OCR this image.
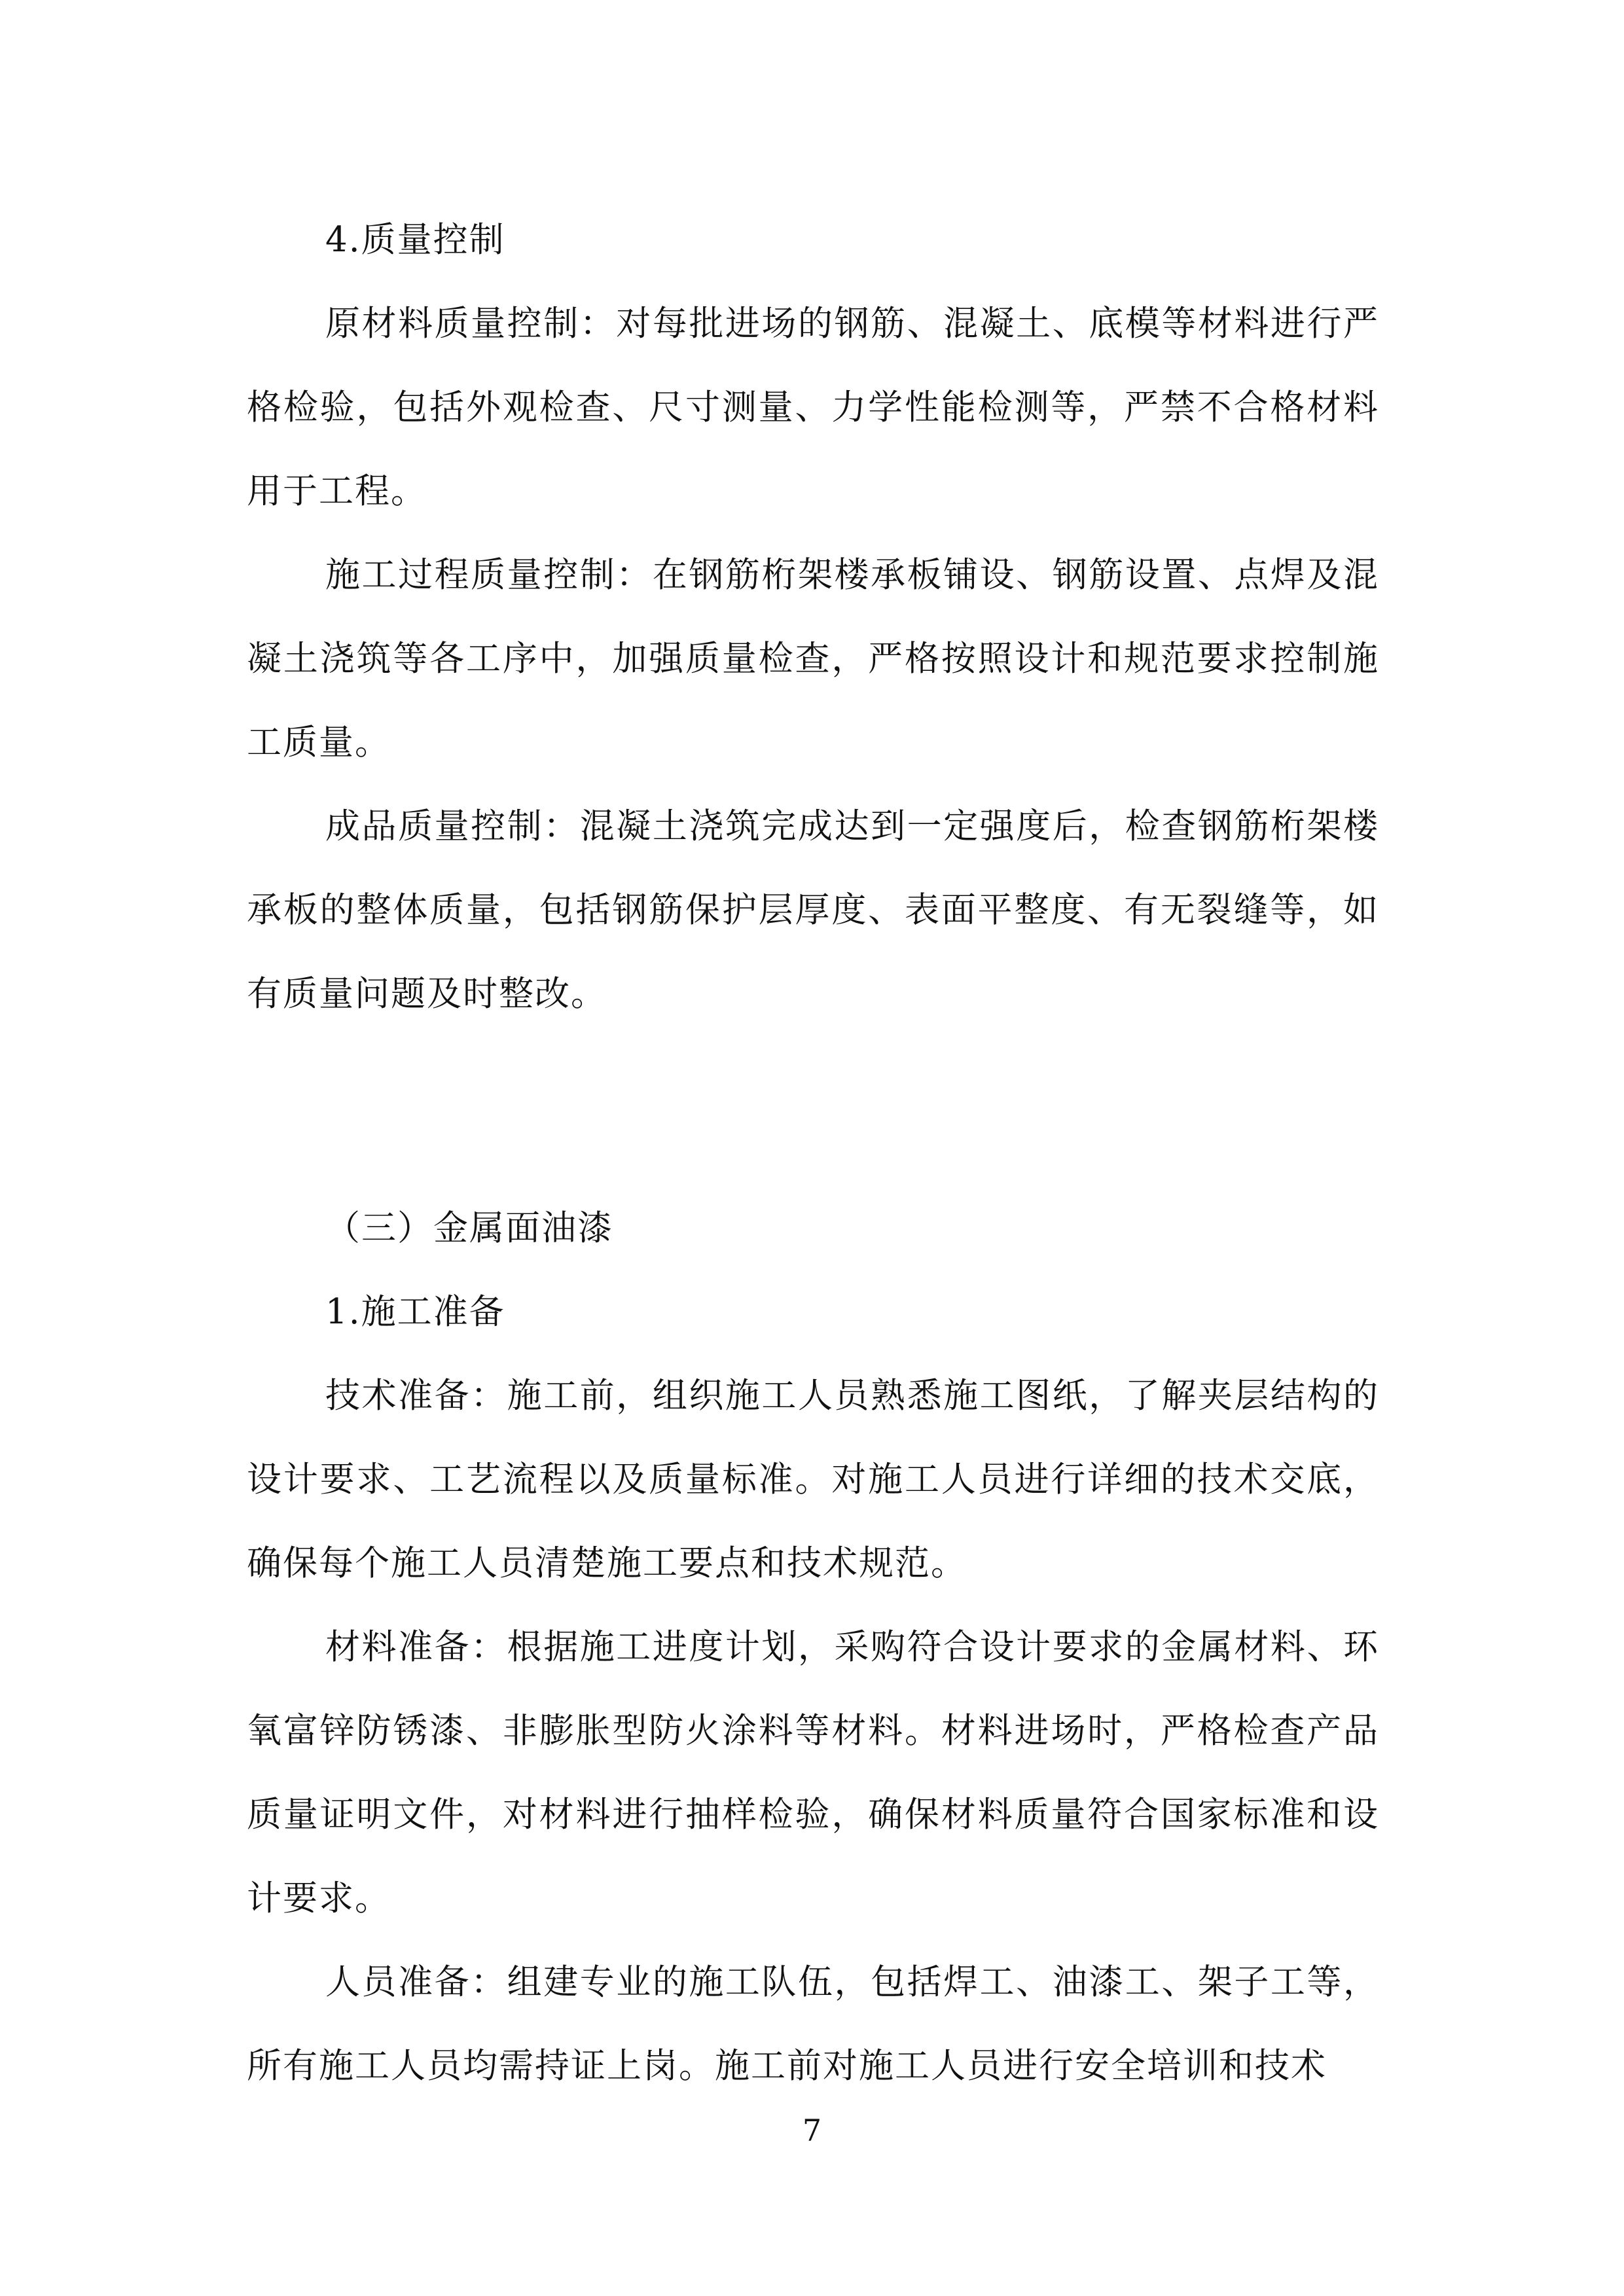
4.质量控制

原材料质量控制：对每批进场的钢筋、混凝土、底模等材料进行严格检验，包括外观检查、尺寸测量、力学性能检测等，严禁不合格材料用于工程。

施工过程质量控制：在钢筋桁架楼承板铺设、钢筋设置、点焊及混凝土浇筑等各工序中，加强质量检查，严格按照设计和规范要求控制施工质量。

成品质量控制：混凝土浇筑完成达到一定强度后，检查钢筋桁架楼承板的整体质量，包括钢筋保护层厚度、表面平整度、有无裂缝等，如有质量问题及时整改。

（三）金属面油漆

1.施工准备

技术准备：施工前，组织施工人员熟悉施工图纸，了解夹层结构的设计要求、工艺流程以及质量标准。对施工人员进行详细的技术交底，确保每个施工人员清楚施工要点和技术规范。

材料准备：根据施工进度计划，采购符合设计要求的金属材料、环氧富锌防锈漆、非膨胀型防火涂料等材料。材料进场时，严格检查产品质量证明文件，对材料进行抽样检验，确保材料质量符合国家标准和设计要求。

人员准备：组建专业的施工队伍，包括焊工、油漆工、架子工等，所有施工人员均需持证上岗。施工前对施工人员进行安全培训和技术

7
